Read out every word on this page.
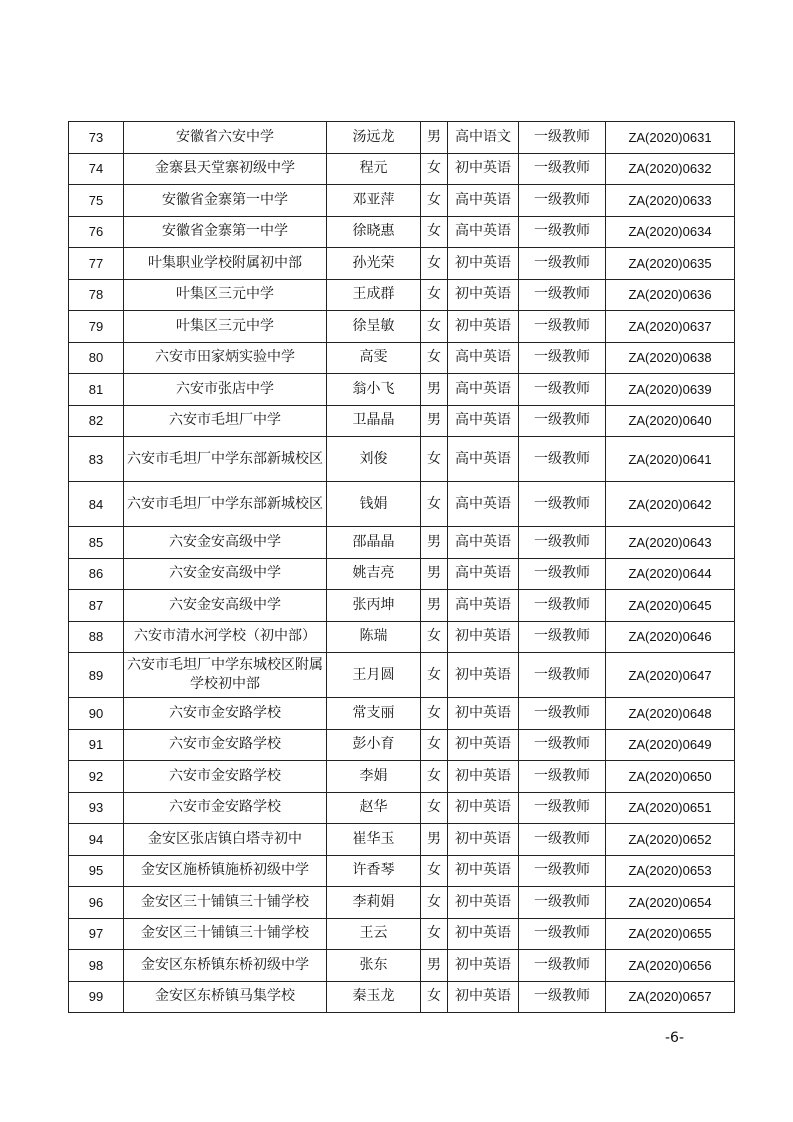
73	安徽省六安中学	汤远龙	男	高中语文	一级教师	ZA(2020)0631
74	金寨县天堂寨初级中学	程元	女	初中英语	一级教师	ZA(2020)0632
75	安徽省金寨第一中学	邓亚萍	女	高中英语	一级教师	ZA(2020)0633
76	安徽省金寨第一中学	徐晓惠	女	高中英语	一级教师	ZA(2020)0634
77	叶集职业学校附属初中部	孙光荣	女	初中英语	一级教师	ZA(2020)0635
78	叶集区三元中学	王成群	女	初中英语	一级教师	ZA(2020)0636
79	叶集区三元中学	徐呈敏	女	初中英语	一级教师	ZA(2020)0637
80	六安市田家炳实验中学	高雯	女	高中英语	一级教师	ZA(2020)0638
81	六安市张店中学	翁小飞	男	高中英语	一级教师	ZA(2020)0639
82	六安市毛坦厂中学	卫晶晶	男	高中英语	一级教师	ZA(2020)0640
83	六安市毛坦厂中学东部新城校区	刘俊	女	高中英语	一级教师	ZA(2020)0641
84	六安市毛坦厂中学东部新城校区	钱娟	女	高中英语	一级教师	ZA(2020)0642
85	六安金安高级中学	邵晶晶	男	高中英语	一级教师	ZA(2020)0643
86	六安金安高级中学	姚吉亮	男	高中英语	一级教师	ZA(2020)0644
87	六安金安高级中学	张丙坤	男	高中英语	一级教师	ZA(2020)0645
88	六安市清水河学校（初中部）	陈瑞	女	初中英语	一级教师	ZA(2020)0646
89	六安市毛坦厂中学东城校区附属学校初中部	王月圆	女	初中英语	一级教师	ZA(2020)0647
90	六安市金安路学校	常支丽	女	初中英语	一级教师	ZA(2020)0648
91	六安市金安路学校	彭小育	女	初中英语	一级教师	ZA(2020)0649
92	六安市金安路学校	李娟	女	初中英语	一级教师	ZA(2020)0650
93	六安市金安路学校	赵华	女	初中英语	一级教师	ZA(2020)0651
94	金安区张店镇白塔寺初中	崔华玉	男	初中英语	一级教师	ZA(2020)0652
95	金安区施桥镇施桥初级中学	许香琴	女	初中英语	一级教师	ZA(2020)0653
96	金安区三十铺镇三十铺学校	李莉娟	女	初中英语	一级教师	ZA(2020)0654
97	金安区三十铺镇三十铺学校	王云	女	初中英语	一级教师	ZA(2020)0655
98	金安区东桥镇东桥初级中学	张东	男	初中英语	一级教师	ZA(2020)0656
99	金安区东桥镇马集学校	秦玉龙	女	初中英语	一级教师	ZA(2020)0657
-6-
